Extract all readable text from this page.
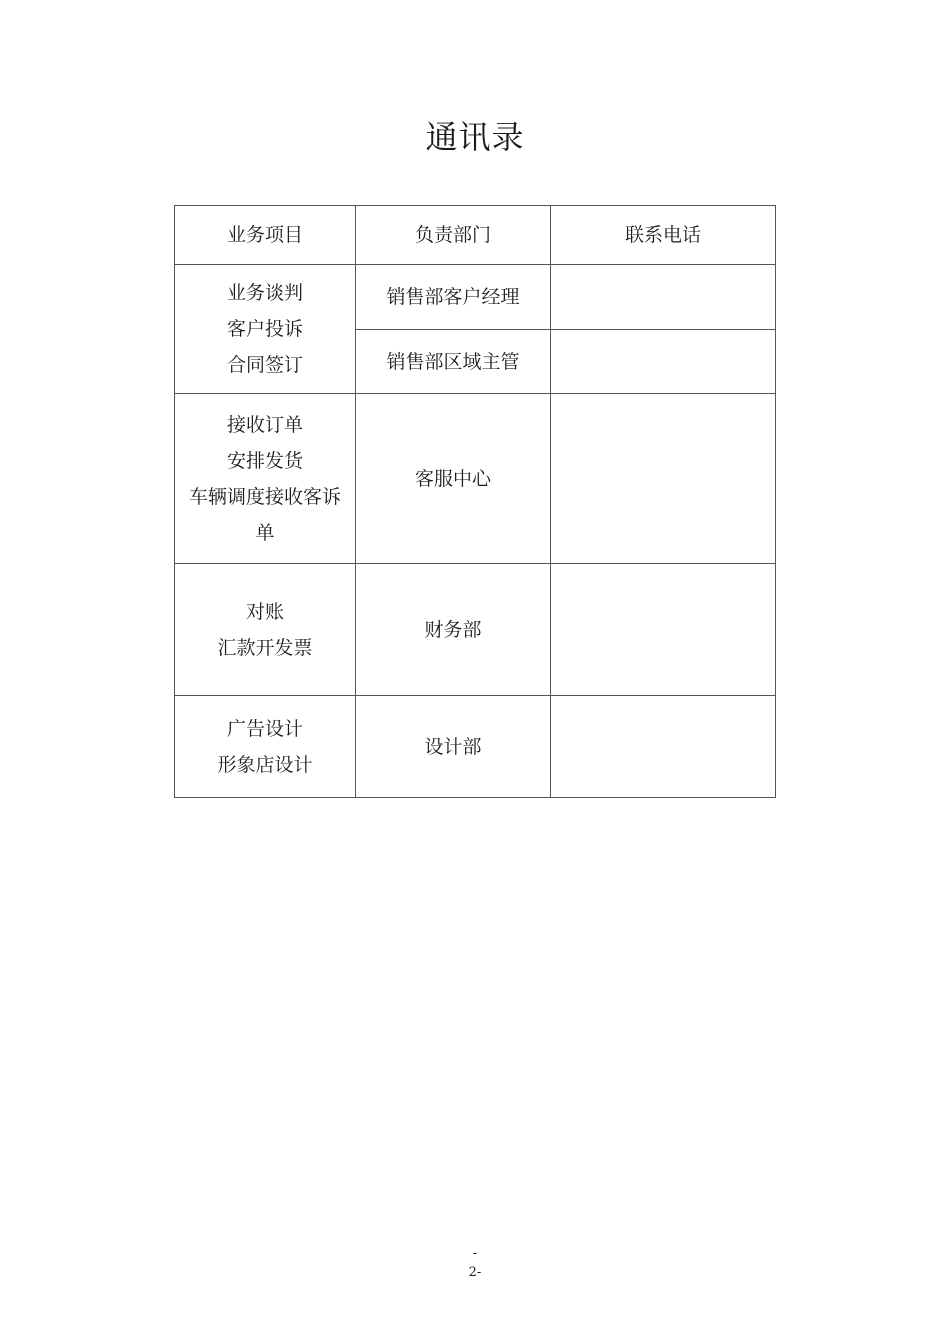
通讯录
业务项目	负责部门	联系电话

业务谈判
客户投诉
合同签订	销售部客户经理	
	销售部区域主管	

接收订单
安排发货
车辆调度接收客诉
单	客服中心	

对账
汇款开发票	财务部	

广告设计
形象店设计	设计部	
-
2-
